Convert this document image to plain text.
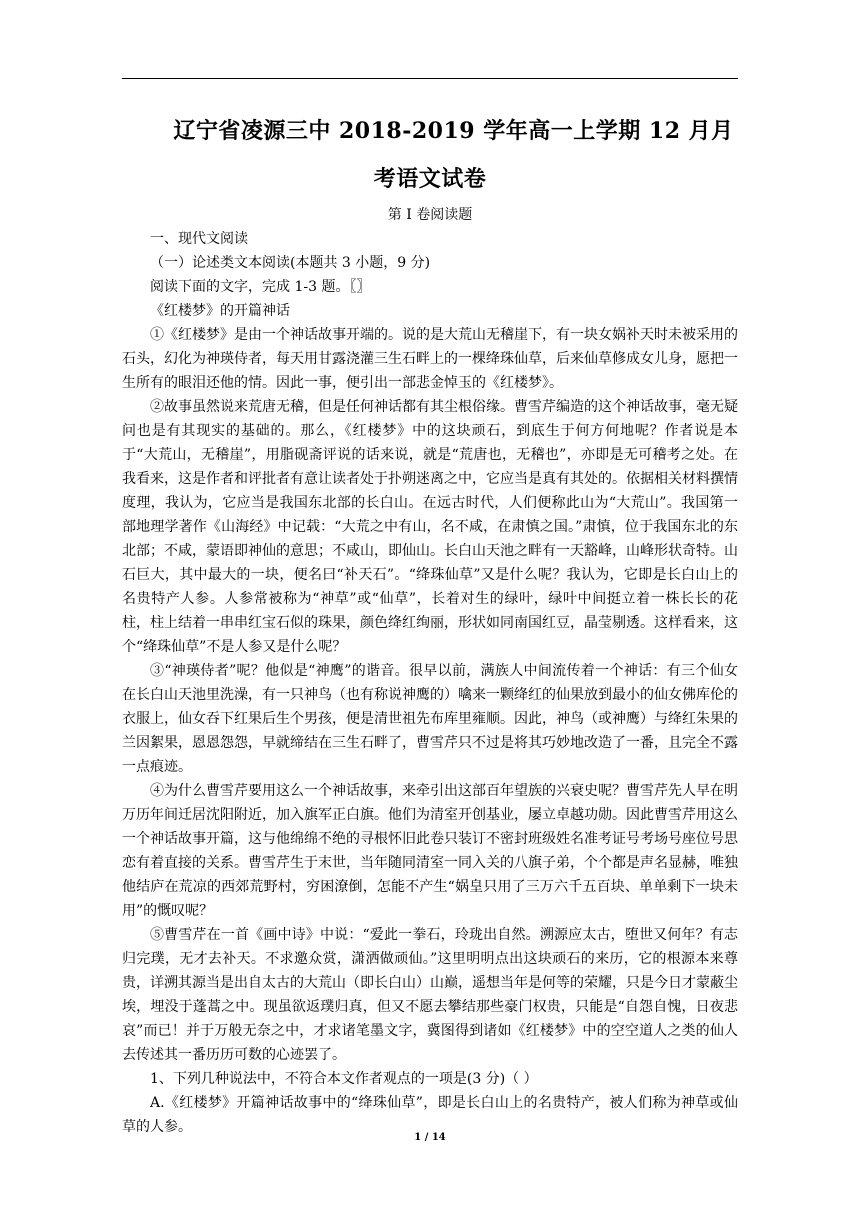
辽宁省凌源三中 2018-2019 学年高一上学期 12 月月考语文试卷

第 I 卷阅读题

一、现代文阅读

（一）论述类文本阅读(本题共 3 小题，9 分)

阅读下面的文字，完成 1-3 题。〖〗

《红楼梦》的开篇神话

①《红楼梦》是由一个神话故事开端的。说的是大荒山无稽崖下，有一块女娲补天时未被采用的石头，幻化为神瑛侍者，每天用甘露浇灌三生石畔上的一棵绛珠仙草，后来仙草修成女儿身，愿把一生所有的眼泪还他的情。因此一事，便引出一部悲金悼玉的《红楼梦》。

②故事虽然说来荒唐无稽，但是任何神话都有其尘根俗缘。曹雪芹编造的这个神话故事，毫无疑问也是有其现实的基础的。那么，《红楼梦》中的这块顽石，到底生于何方何地呢？作者说是本于“大荒山，无稽崖”，用脂砚斋评说的话来说，就是“荒唐也，无稽也”，亦即是无可稽考之处。在我看来，这是作者和评批者有意让读者处于扑朔迷离之中，它应当是真有其处的。依据相关材料撰情度理，我认为，它应当是我国东北部的长白山。在远古时代，人们便称此山为“大荒山”。我国第一部地理学著作《山海经》中记载：“大荒之中有山，名不咸，在肃慎之国。”肃慎，位于我国东北的东北部；不咸，蒙语即神仙的意思；不咸山，即仙山。长白山天池之畔有一天豁峰，山峰形状奇特。山石巨大，其中最大的一块，便名曰“补天石”。“绛珠仙草”又是什么呢？我认为，它即是长白山上的名贵特产人参。人参常被称为“神草”或“仙草”，长着对生的绿叶，绿叶中间挺立着一株长长的花柱，柱上结着一串串红宝石似的珠果，颜色绛红绚丽，形状如同南国红豆，晶莹剔透。这样看来，这个“绛珠仙草”不是人参又是什么呢？

③“神瑛侍者”呢？他似是“神鹰”的谐音。很早以前，满族人中间流传着一个神话：有三个仙女在长白山天池里洗澡，有一只神鸟（也有称说神鹰的）噙来一颗绛红的仙果放到最小的仙女佛库伦的衣服上，仙女吞下红果后生个男孩，便是清世祖先布库里雍顺。因此，神鸟（或神鹰）与绛红朱果的兰因絮果，恩恩怨怨，早就缔结在三生石畔了，曹雪芹只不过是将其巧妙地改造了一番，且完全不露一点痕迹。

④为什么曹雪芹要用这么一个神话故事，来牵引出这部百年望族的兴衰史呢？曹雪芹先人早在明万历年间迁居沈阳附近，加入旗军正白旗。他们为清室开创基业，屡立卓越功勋。因此曹雪芹用这么一个神话故事开篇，这与他绵绵不绝的寻根怀旧此卷只装订不密封班级姓名准考证号考场号座位号思恋有着直接的关系。曹雪芹生于末世，当年随同清室一同入关的八旗子弟，个个都是声名显赫，唯独他结庐在荒凉的西郊荒野村，穷困潦倒，怎能不产生“娲皇只用了三万六千五百块、单单剩下一块未用”的慨叹呢？

⑤曹雪芹在一首《画中诗》中说：“爱此一拳石，玲珑出自然。溯源应太古，堕世又何年？有志归完璞，无才去补天。不求邀众赏，潇洒做顽仙。”这里明明点出这块顽石的来历，它的根源本来尊贵，详溯其源当是出自太古的大荒山（即长白山）山巅，遥想当年是何等的荣耀，只是今日才蒙蔽尘埃，埋没于蓬蒿之中。现虽欲返璞归真，但又不愿去攀结那些豪门权贵，只能是“自怨自愧，日夜悲哀”而已！并于万般无奈之中，才求诸笔墨文字，冀图得到诸如《红楼梦》中的空空道人之类的仙人去传述其一番历历可数的心迹罢了。

1、下列几种说法中，不符合本文作者观点的一项是(3 分)（ ）

A.《红楼梦》开篇神话故事中的“绛珠仙草”，即是长白山上的名贵特产，被人们称为神草或仙草的人参。

1 / 14
